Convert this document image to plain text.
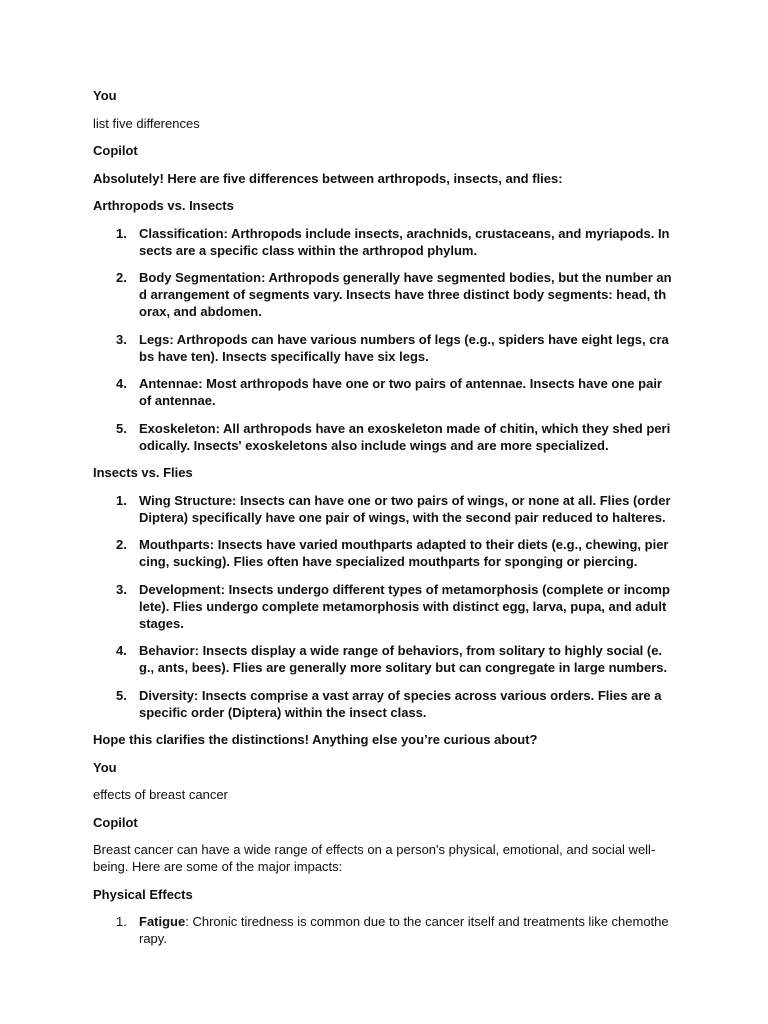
You

list five differences

Copilot

Absolutely! Here are five differences between arthropods, insects, and flies:

Arthropods vs. Insects

1. Classification: Arthropods include insects, arachnids, crustaceans, and myriapods. Insects are a specific class within the arthropod phylum.
2. Body Segmentation: Arthropods generally have segmented bodies, but the number and arrangement of segments vary. Insects have three distinct body segments: head, thorax, and abdomen.
3. Legs: Arthropods can have various numbers of legs (e.g., spiders have eight legs, crabs have ten). Insects specifically have six legs.
4. Antennae: Most arthropods have one or two pairs of antennae. Insects have one pair of antennae.
5. Exoskeleton: All arthropods have an exoskeleton made of chitin, which they shed periodically. Insects' exoskeletons also include wings and are more specialized.

Insects vs. Flies

1. Wing Structure: Insects can have one or two pairs of wings, or none at all. Flies (order Diptera) specifically have one pair of wings, with the second pair reduced to halteres.
2. Mouthparts: Insects have varied mouthparts adapted to their diets (e.g., chewing, piercing, sucking). Flies often have specialized mouthparts for sponging or piercing.
3. Development: Insects undergo different types of metamorphosis (complete or incomplete). Flies undergo complete metamorphosis with distinct egg, larva, pupa, and adult stages.
4. Behavior: Insects display a wide range of behaviors, from solitary to highly social (e.g., ants, bees). Flies are generally more solitary but can congregate in large numbers.
5. Diversity: Insects comprise a vast array of species across various orders. Flies are a specific order (Diptera) within the insect class.

Hope this clarifies the distinctions! Anything else you’re curious about?

You

effects of breast cancer

Copilot

Breast cancer can have a wide range of effects on a person's physical, emotional, and social well-being. Here are some of the major impacts:

Physical Effects

1. Fatigue: Chronic tiredness is common due to the cancer itself and treatments like chemotherapy.
